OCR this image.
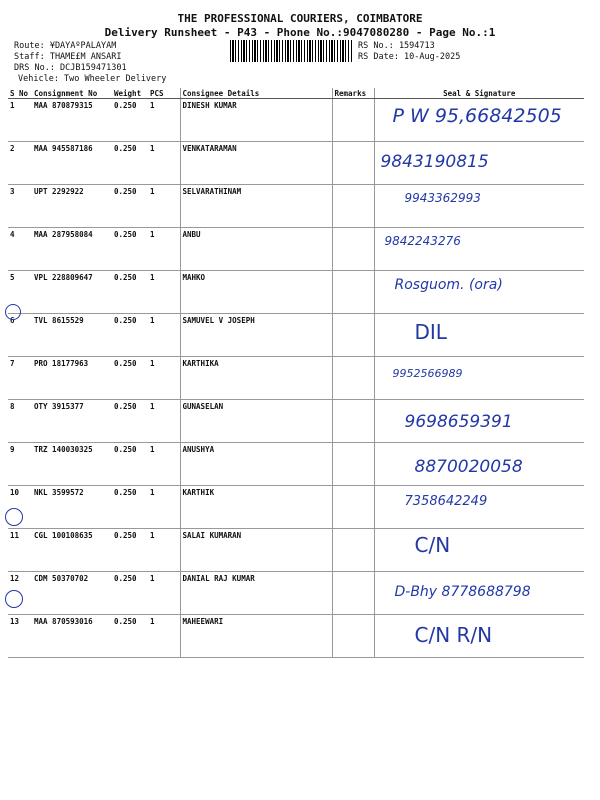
THE PROFESSIONAL COURIERS, COIMBATORE
Delivery Runsheet - P43 - Phone No.:9047080280 - Page No.:1
Route: ¥DAYAºPALAYAM
Staff: THAME£M ANSARI
DRS No.: DCJB159471301
Vehicle: Two Wheeler Delivery
RS No.: 1594713
RS Date: 10-Aug-2025
S No	Consignment No	Weight	PCS	Consignee Details	Remarks	Seal & Signature
1	MAA 870879315	0.250	1	DINESH KUMAR		P W 95,66842505

2	MAA 945587186	0.250	1	VENKATARAMAN		9843190815

3	UPT 2292922	0.250	1	SELVARATHINAM		9943362993

4	MAA 287958084	0.250	1	ANBU		9842243276

5	VPL 228809647	0.250	1	MAHKO		Rosguom. (ora)

6	TVL 8615529	0.250	1	SAMUVEL V JOSEPH		DIL

7	PRO 18177963	0.250	1	KARTHIKA		9952566989

8	OTY 3915377	0.250	1	GUNASELAN		9698659391

9	TRZ 140030325	0.250	1	ANUSHYA		8870020058

10	NKL 3599572	0.250	1	KARTHIK		7358642249

11	CGL 100108635	0.250	1	SALAI KUMARAN		C/N

12	CDM 50370702	0.250	1	DANIAL RAJ KUMAR		D-Bhy 8778688798

13	MAA 870593016	0.250	1	MAHEEWARI		C/N R/N
